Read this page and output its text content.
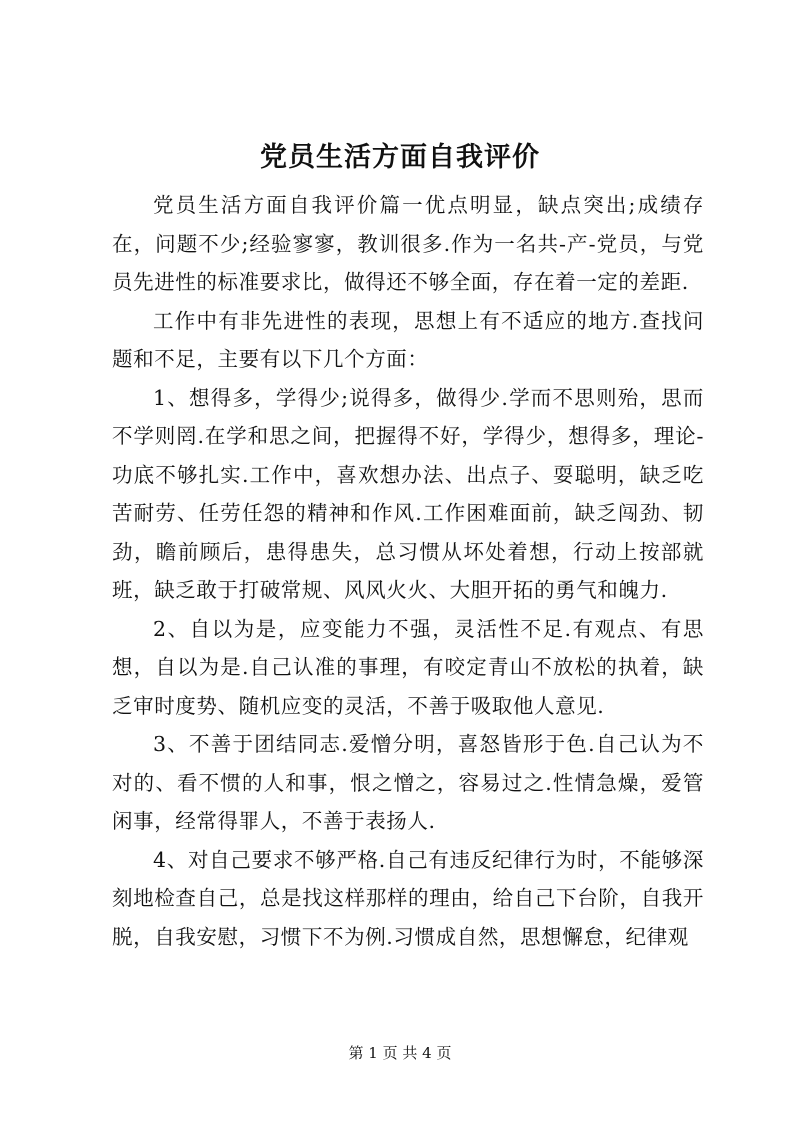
党员生活方面自我评价

党员生活方面自我评价篇一优点明显，缺点突出;成绩存在，问题不少;经验寥寥，教训很多.作为一名共-产-党员，与党员先进性的标准要求比，做得还不够全面，存在着一定的差距.

工作中有非先进性的表现，思想上有不适应的地方.查找问题和不足，主要有以下几个方面：

1、想得多，学得少;说得多，做得少.学而不思则殆，思而不学则罔.在学和思之间，把握得不好，学得少，想得多，理论-功底不够扎实.工作中，喜欢想办法、出点子、耍聪明，缺乏吃苦耐劳、任劳任怨的精神和作风.工作困难面前，缺乏闯劲、韧劲，瞻前顾后，患得患失，总习惯从坏处着想，行动上按部就班，缺乏敢于打破常规、风风火火、大胆开拓的勇气和魄力.

2、自以为是，应变能力不强，灵活性不足.有观点、有思想，自以为是.自己认准的事理，有咬定青山不放松的执着，缺乏审时度势、随机应变的灵活，不善于吸取他人意见.

3、不善于团结同志.爱憎分明，喜怒皆形于色.自己认为不对的、看不惯的人和事，恨之憎之，容易过之.性情急燥，爱管闲事，经常得罪人，不善于表扬人.

4、对自己要求不够严格.自己有违反纪律行为时，不能够深刻地检查自己，总是找这样那样的理由，给自己下台阶，自我开脱，自我安慰，习惯下不为例.习惯成自然，思想懈怠，纪律观

第 1 页 共 4 页
